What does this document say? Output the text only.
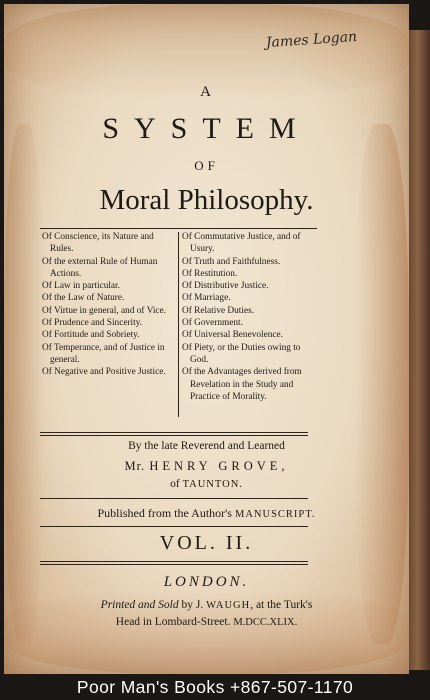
James Logan
A
SYSTEM
OF
Moral Philosophy.

Of Conscience, its Nature and Rules.

Of the external Rule of Human Actions.

Of Law in particular.

Of the Law of Nature.

Of Virtue in general, and of Vice.

Of Prudence and Sincerity.

Of Fortitude and Sobriety.

Of Temperance, and of Justice in general.

Of Negative and Positive Justice.

Of Commutative Justice, and of Usury.

Of Truth and Faithfulness.

Of Restitution.

Of Distributive Justice.

Of Marriage.

Of Relative Duties.

Of Government.

Of Universal Benevolence.

Of Piety, or the Duties owing to God.

Of the Advantages derived from Revelation in the Study and Practice of Morality.

By the late Reverend and Learned
Mr. HENRY GROVE,
of TAUNTON.
Published from the Author's MANUSCRIPT.
VOL. II.
LONDON.
Printed and Sold by J. WAUGH, at the Turk's
Head in Lombard-Street. M.DCC.XLIX.
Poor Man's Books +867-507-1170
